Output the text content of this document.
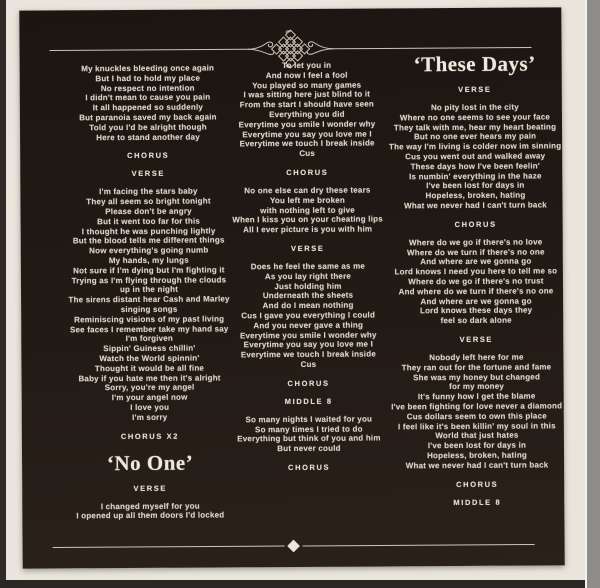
My knuckles bleeding once again
But I had to hold my place
No respect no intention
I didn't mean to cause you pain
It all happened so suddenly
But paranoia saved my back again
Told you I'd be alright though
Here to stand another day
CHORUS
VERSE
I'm facing the stars baby
They all seem so bright tonight
Please don't be angry
But it went too far for this
I thought he was punching lightly
But the blood tells me different things
Now everything's going numb
My hands, my lungs
Not sure if I'm dying but I'm fighting it
Trying as I'm flying through the clouds
up in the night
The sirens distant hear Cash and Marley
singing songs
Reminiscing visions of my past living
See faces I remember take my hand say
I'm forgiven
Sippin' Guiness chillin'
Watch the World spinnin'
Thought it would be all fine
Baby if you hate me then it's alright
Sorry, you're my angel
I'm your angel now
I love you
I'm sorry
CHORUS X2
‘No One’
VERSE
I changed myself for you
I opened up all them doors I'd locked
To let you in
And now I feel a fool
You played so many games
I was sitting here just blind to it
From the start I should have seen
Everything you did
Everytime you smile I wonder why
Everytime you say you love me I
Everytime we touch I break inside
Cus
CHORUS
No one else can dry these tears
You left me broken
with nothing left to give
When I kiss you on your cheating lips
All I ever picture is you with him
VERSE
Does he feel the same as me
As you lay right there
Just holding him
Underneath the sheets
And do I mean nothing
Cus I gave you everything I could
And you never gave a thing
Everytime you smile I wonder why
Everytime you say you love me I
Everytime we touch I break inside
Cus
CHORUS
MIDDLE 8
So many nights I waited for you
So many times I tried to do
Everything but think of you and him
But never could
CHORUS
‘These Days’
VERSE
No pity lost in the city
Where no one seems to see your face
They talk with me, hear my heart beating
But no one ever hears my pain
The way I'm living is colder now im sinning
Cus you went out and walked away
These days how I've been feelin'
Is numbin' everything in the haze
I've been lost for days in
Hopeless, broken, hating
What we never had I can't turn back
CHORUS
Where do we go if there's no love
Where do we turn if there's no one
And where are we gonna go
Lord knows I need you here to tell me so
Where do we go if there's no trust
And where do we turn if there's no one
And where are we gonna go
Lord knows these days they
feel so dark alone
VERSE
Nobody left here for me
They ran out for the fortune and fame
She was my honey but changed
for my money
It's funny how I get the blame
I've been fighting for love never a diamond
Cus dollars seem to own this place
I feel like it's been killin' my soul in this
World that just hates
I've been lost for days in
Hopeless, broken, hating
What we never had I can't turn back
CHORUS
MIDDLE 8
